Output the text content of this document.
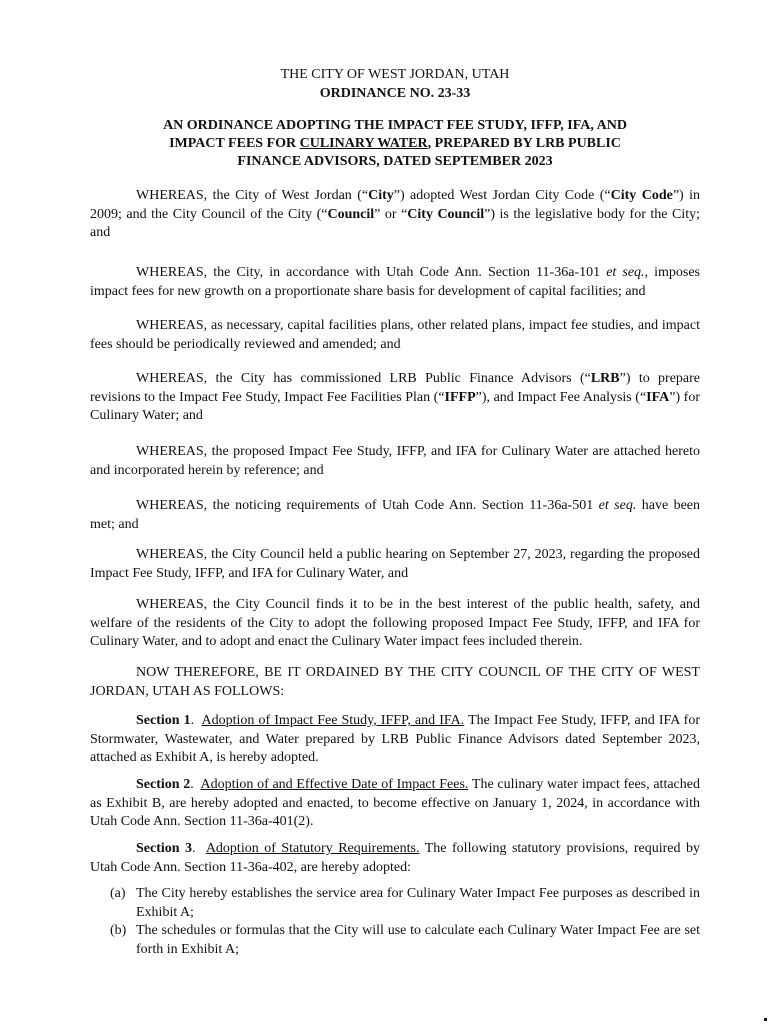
THE CITY OF WEST JORDAN, UTAH
ORDINANCE NO. 23-33
AN ORDINANCE ADOPTING THE IMPACT FEE STUDY, IFFP, IFA, AND
IMPACT FEES FOR CULINARY WATER, PREPARED BY LRB PUBLIC
FINANCE ADVISORS, DATED SEPTEMBER 2023
WHEREAS, the City of West Jordan (“City”) adopted West Jordan City Code (“City Code”) in 2009; and the City Council of the City (“Council” or “City Council”) is the legislative body for the City; and
WHEREAS, the City, in accordance with Utah Code Ann. Section 11-36a-101 et seq., imposes impact fees for new growth on a proportionate share basis for development of capital facilities; and
WHEREAS, as necessary, capital facilities plans, other related plans, impact fee studies, and impact fees should be periodically reviewed and amended; and
WHEREAS, the City has commissioned LRB Public Finance Advisors (“LRB”) to prepare revisions to the Impact Fee Study, Impact Fee Facilities Plan (“IFFP”), and Impact Fee Analysis (“IFA”) for Culinary Water; and
WHEREAS, the proposed Impact Fee Study, IFFP, and IFA for Culinary Water are attached hereto and incorporated herein by reference; and
WHEREAS, the noticing requirements of Utah Code Ann. Section 11-36a-501 et seq. have been met; and
WHEREAS, the City Council held a public hearing on September 27, 2023, regarding the proposed Impact Fee Study, IFFP, and IFA for Culinary Water, and
WHEREAS, the City Council finds it to be in the best interest of the public health, safety, and welfare of the residents of the City to adopt the following proposed Impact Fee Study, IFFP, and IFA for Culinary Water, and to adopt and enact the Culinary Water impact fees included therein.
NOW THEREFORE, BE IT ORDAINED BY THE CITY COUNCIL OF THE CITY OF WEST JORDAN, UTAH AS FOLLOWS:
Section 1.  Adoption of Impact Fee Study, IFFP, and IFA. The Impact Fee Study, IFFP, and IFA for Stormwater, Wastewater, and Water prepared by LRB Public Finance Advisors dated September 2023, attached as Exhibit A, is hereby adopted.
Section 2.  Adoption of and Effective Date of Impact Fees. The culinary water impact fees, attached as Exhibit B, are hereby adopted and enacted, to become effective on January 1, 2024, in accordance with Utah Code Ann. Section 11-36a-401(2).
Section 3.  Adoption of Statutory Requirements. The following statutory provisions, required by Utah Code Ann. Section 11-36a-402, are hereby adopted:
(a) The City hereby establishes the service area for Culinary Water Impact Fee purposes as described in Exhibit A;
(b) The schedules or formulas that the City will use to calculate each Culinary Water Impact Fee are set forth in Exhibit A;
